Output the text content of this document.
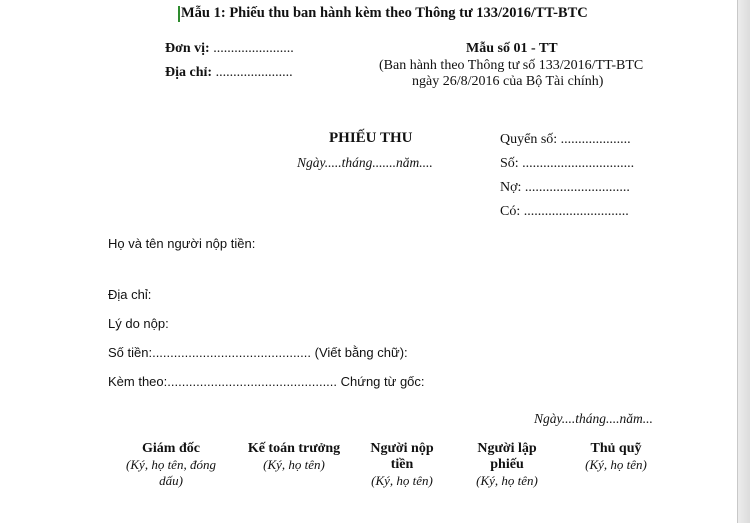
Mẫu 1: Phiếu thu ban hành kèm theo Thông tư 133/2016/TT-BTC
Đơn vị: .......................
Địa chỉ: ......................
Mẫu số 01 - TT
(Ban hành theo Thông tư số 133/2016/TT-BTC
ngày 26/8/2016 của Bộ Tài chính)
PHIẾU THU
Ngày.....tháng.......năm....
Quyển số: ....................
Số: ................................
Nợ: ..............................
Có: ..............................
Họ và tên người nộp tiền:
Địa chỉ:
Lý do nộp:
Số tiền:............................................ (Viết bằng chữ):
Kèm theo:............................................... Chứng từ gốc:
Ngày....tháng....năm...
Giám đốc
(Ký, họ tên, đóng
dấu)
Kế toán trưởng
(Ký, họ tên)
Người nộp
tiền
(Ký, họ tên)
Người lập
phiếu
(Ký, họ tên)
Thủ quỹ
(Ký, họ tên)
